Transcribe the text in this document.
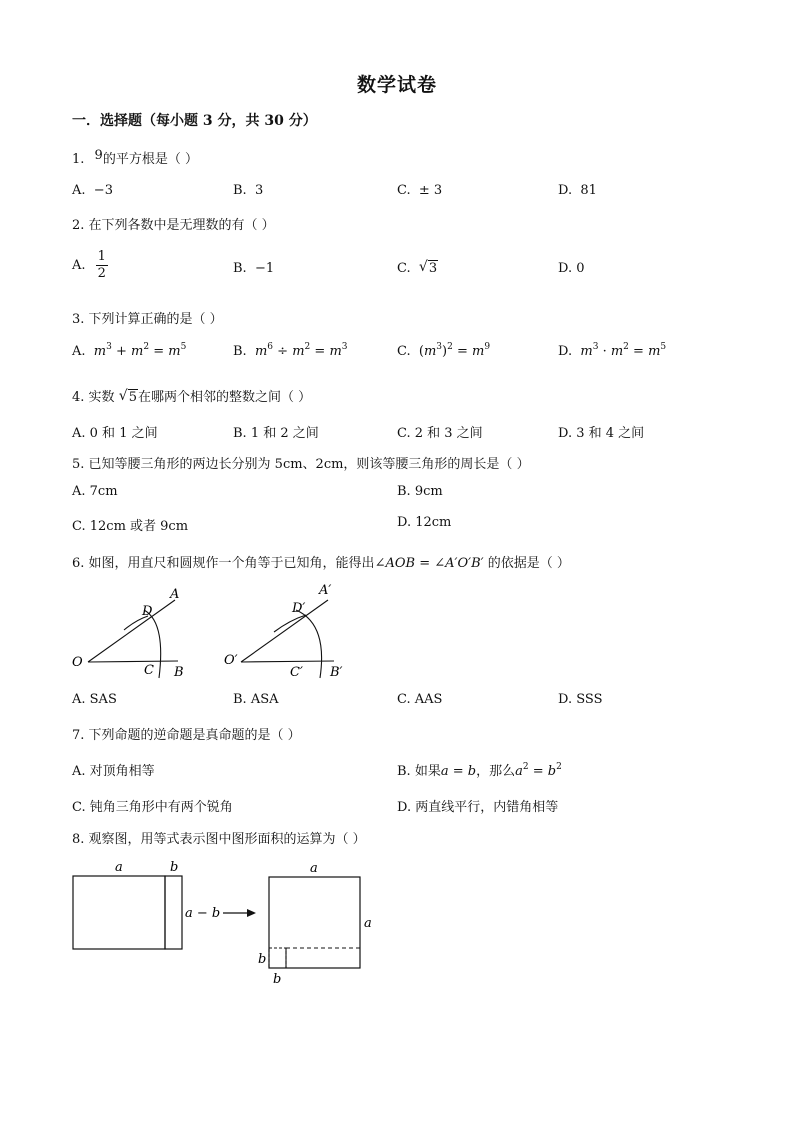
数学试卷
一．选择题（每小题 3 分，共 30 分）
1. 9的平方根是（ ）
A. −3	B. 3	C. ± 3	D. 81
2. 在下列各数中是无理数的有（ ）
A. $\frac{1}{2}$	B. −1	C. √ 3	D. 0
3. 下列计算正确的是（ ）
A. $m^3 + m^2 = m^5$	B. $m^6 \div m^2 = m^3$	C. $(m^3)^2 = m^9$	D. $m^3 \cdot m^2 = m^5$
4. 实数 √ 5在哪两个相邻的整数之间（ ）
A. 0 和 1 之间	B. 1 和 2 之间	C. 2 和 3 之间	D. 3 和 4 之间
5. 已知等腰三角形的两边长分别为 5cm、2cm，则该等腰三角形的周长是（ ）
A. 7cm	B. 9cm
C. 12cm 或者 9cm	D. 12cm
6. 如图，用直尺和圆规作一个角等于已知角，能得出∠AOB = ∠A′O′B′ 的依据是（ ）
O
A
D
C B
O′
A′
D′
C′ B′
A. SAS	B. ASA	C. AAS	D. SSS
7. 下列命题的逆命题是真命题的是（ ）
A. 对顶角相等	B. 如果a = b，那么$a^2 = b^2$
C. 钝角三角形中有两个锐角	D. 两直线平行，内错角相等
8. 观察图，用等式表示图中图形面积的运算为（ ）
a	b
a − b
a
a
b
b
